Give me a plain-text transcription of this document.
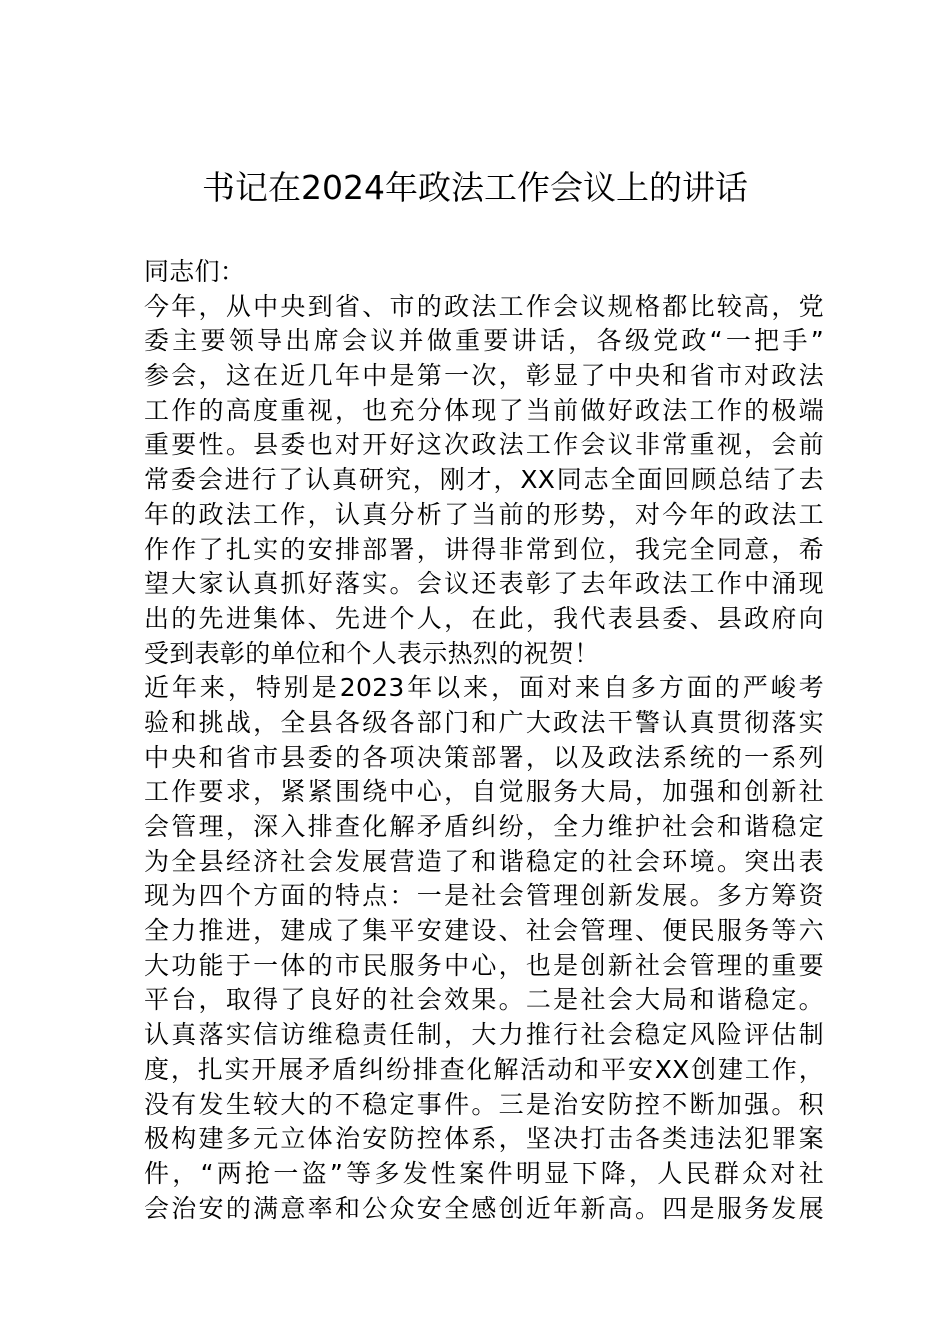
书记在2024年政法工作会议上的讲话
同志们：
今年，从中央到省、市的政法工作会议规格都比较高，党
委主要领导出席会议并做重要讲话，各级党政“一把手”
参会，这在近几年中是第一次，彰显了中央和省市对政法
工作的高度重视，也充分体现了当前做好政法工作的极端
重要性。县委也对开好这次政法工作会议非常重视，会前
常委会进行了认真研究，刚才，XX同志全面回顾总结了去
年的政法工作，认真分析了当前的形势，对今年的政法工
作作了扎实的安排部署，讲得非常到位，我完全同意，希
望大家认真抓好落实。会议还表彰了去年政法工作中涌现
出的先进集体、先进个人，在此，我代表县委、县政府向
受到表彰的单位和个人表示热烈的祝贺！
近年来，特别是2023年以来，面对来自多方面的严峻考
验和挑战，全县各级各部门和广大政法干警认真贯彻落实
中央和省市县委的各项决策部署，以及政法系统的一系列
工作要求，紧紧围绕中心，自觉服务大局，加强和创新社
会管理，深入排查化解矛盾纠纷，全力维护社会和谐稳定
为全县经济社会发展营造了和谐稳定的社会环境。突出表
现为四个方面的特点：一是社会管理创新发展。多方筹资
全力推进，建成了集平安建设、社会管理、便民服务等六
大功能于一体的市民服务中心，也是创新社会管理的重要
平台，取得了良好的社会效果。二是社会大局和谐稳定。
认真落实信访维稳责任制，大力推行社会稳定风险评估制
度，扎实开展矛盾纠纷排查化解活动和平安XX创建工作，
没有发生较大的不稳定事件。三是治安防控不断加强。积
极构建多元立体治安防控体系，坚决打击各类违法犯罪案
件，“两抢一盗”等多发性案件明显下降，人民群众对社
会治安的满意率和公众安全感创近年新高。四是服务发展
